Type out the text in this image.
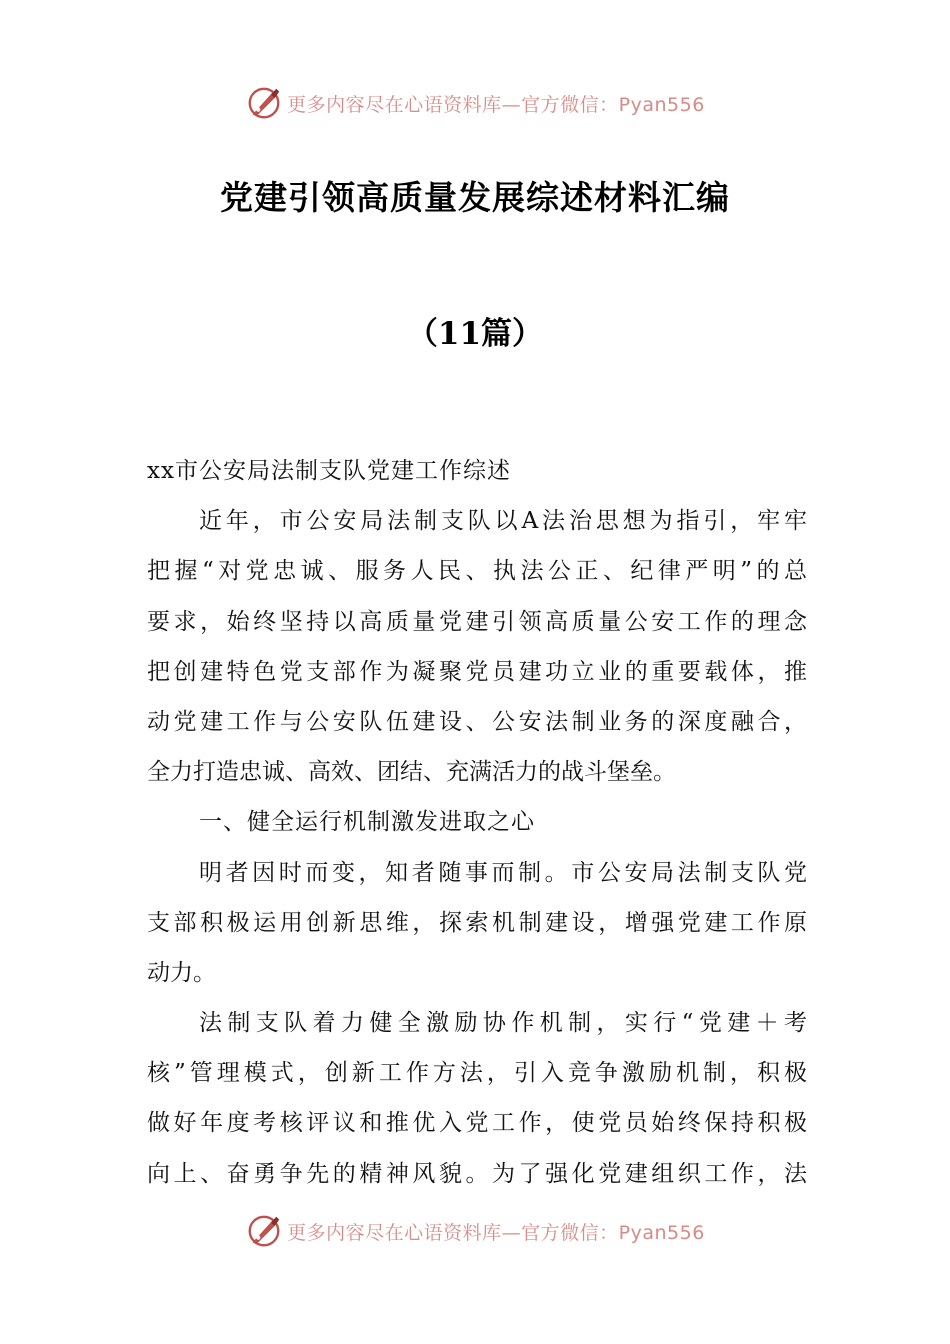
更多内容尽在心语资料库—官方微信：Pyan556
党建引领高质量发展综述材料汇编
（11篇）
xx市公安局法制支队党建工作综述
近年，市公安局法制支队以A法治思想为指引，牢牢
把握“对党忠诚、服务人民、执法公正、纪律严明”的总
要求，始终坚持以高质量党建引领高质量公安工作的理念
把创建特色党支部作为凝聚党员建功立业的重要载体，推
动党建工作与公安队伍建设、公安法制业务的深度融合，
全力打造忠诚、高效、团结、充满活力的战斗堡垒。
一、健全运行机制激发进取之心
明者因时而变，知者随事而制。市公安局法制支队党
支部积极运用创新思维，探索机制建设，增强党建工作原
动力。
法制支队着力健全激励协作机制，实行“党建＋考
核”管理模式，创新工作方法，引入竞争激励机制，积极
做好年度考核评议和推优入党工作，使党员始终保持积极
向上、奋勇争先的精神风貌。为了强化党建组织工作，法
更多内容尽在心语资料库—官方微信：Pyan556
